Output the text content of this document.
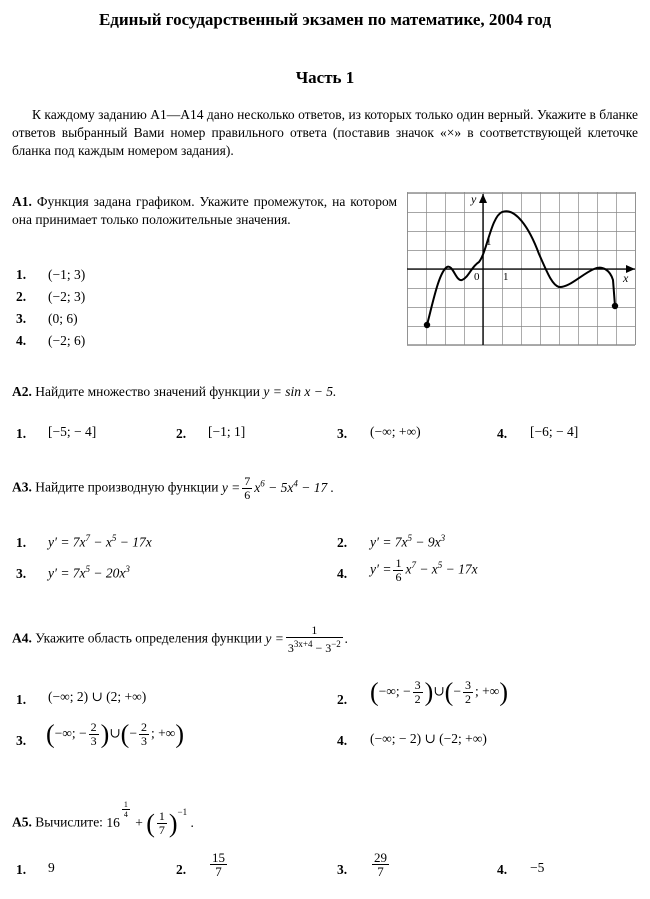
Единый государственный экзамен по математике, 2004 год
Часть 1
К каждому заданию А1—А14 дано несколько ответов, из которых только один верный. Укажите в бланке ответов выбранный Вами номер правильного ответа (поставив значок «×» в соответствующей клеточке бланка под каждым номером задания).
А1. Функция задана графиком. Укажите промежуток, на котором она принимает только положительные значения.
1. (−1; 3)
2. (−2; 3)
3. (0; 6)
4. (−2; 6)
y
x
0 1
1
А2. Найдите множество значений функции y = sin x − 5.
1. [−5; − 4]	2. [−1; 1]	3. (−∞; +∞)	4. [−6; − 4]
А3. Найдите производную функции $y = \frac{7}{6} x^6 - 5x^4 - 17$ .
1. $y' = 7x^7 - x^5 - 17x$	2. $y' = 7x^5 - 9x^3$
3. $y' = 7x^5 - 20x^3$	4. $y' = \frac{1}{6} x^7 - x^5 - 17x$
А4. Укажите область определения функции $y = \frac{1}{3^{3x+4} - 3^{-2}}$ .
1. (−∞; 2) ∪ (2; +∞)	2. (−∞; − $\frac{3}{2}$ )∪(− $\frac{3}{2}$ ; +∞)
3. (−∞; − $\frac{2}{3}$ )∪(− $\frac{2}{3}$ ; +∞)	4. (−∞; − 2) ∪ (−2; +∞)
А5. Вычислите: 16
$^{\frac{1}{4}}$
+ ( $\frac{1}{7} )^{-1}$ .
1. 9	2. $\frac{15}{7}$	3. $\frac{29}{7}$	4. −5
